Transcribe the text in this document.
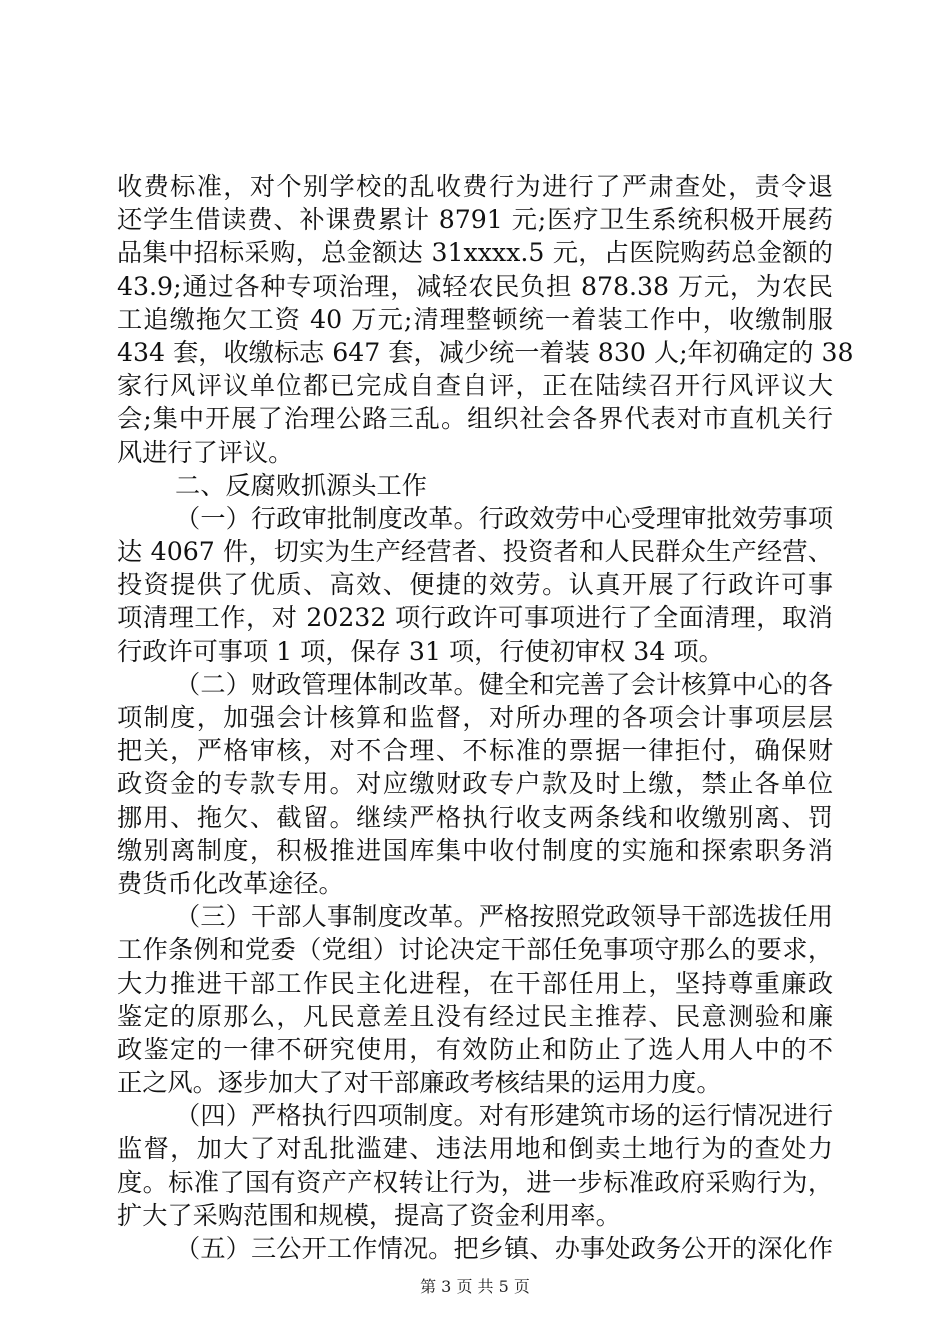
收费标准，对个别学校的乱收费行为进行了严肃查处，责令退
还学生借读费、补课费累计 8791 元;医疗卫生系统积极开展药
品集中招标采购，总金额达 31xxxx.5 元，占医院购药总金额的
43.9;通过各种专项治理，减轻农民负担 878.38 万元，为农民
工追缴拖欠工资 40 万元;清理整顿统一着装工作中，收缴制服
434 套，收缴标志 647 套，减少统一着装 830 人;年初确定的 38
家行风评议单位都已完成自查自评，正在陆续召开行风评议大
会;集中开展了治理公路三乱。组织社会各界代表对市直机关行
风进行了评议。
二、反腐败抓源头工作
（一）行政审批制度改革。行政效劳中心受理审批效劳事项
达 4067 件，切实为生产经营者、投资者和人民群众生产经营、
投资提供了优质、高效、便捷的效劳。认真开展了行政许可事
项清理工作，对 20232 项行政许可事项进行了全面清理，取消
行政许可事项 1 项，保存 31 项，行使初审权 34 项。
（二）财政管理体制改革。健全和完善了会计核算中心的各
项制度，加强会计核算和监督，对所办理的各项会计事项层层
把关，严格审核，对不合理、不标准的票据一律拒付，确保财
政资金的专款专用。对应缴财政专户款及时上缴，禁止各单位
挪用、拖欠、截留。继续严格执行收支两条线和收缴别离、罚
缴别离制度，积极推进国库集中收付制度的实施和探索职务消
费货币化改革途径。
（三）干部人事制度改革。严格按照党政领导干部选拔任用
工作条例和党委（党组）讨论决定干部任免事项守那么的要求，
大力推进干部工作民主化进程，在干部任用上，坚持尊重廉政
鉴定的原那么，凡民意差且没有经过民主推荐、民意测验和廉
政鉴定的一律不研究使用，有效防止和防止了选人用人中的不
正之风。逐步加大了对干部廉政考核结果的运用力度。
（四）严格执行四项制度。对有形建筑市场的运行情况进行
监督，加大了对乱批滥建、违法用地和倒卖土地行为的查处力
度。标准了国有资产产权转让行为，进一步标准政府采购行为，
扩大了采购范围和规模，提高了资金利用率。
（五）三公开工作情况。把乡镇、办事处政务公开的深化作
第 3 页 共 5 页
